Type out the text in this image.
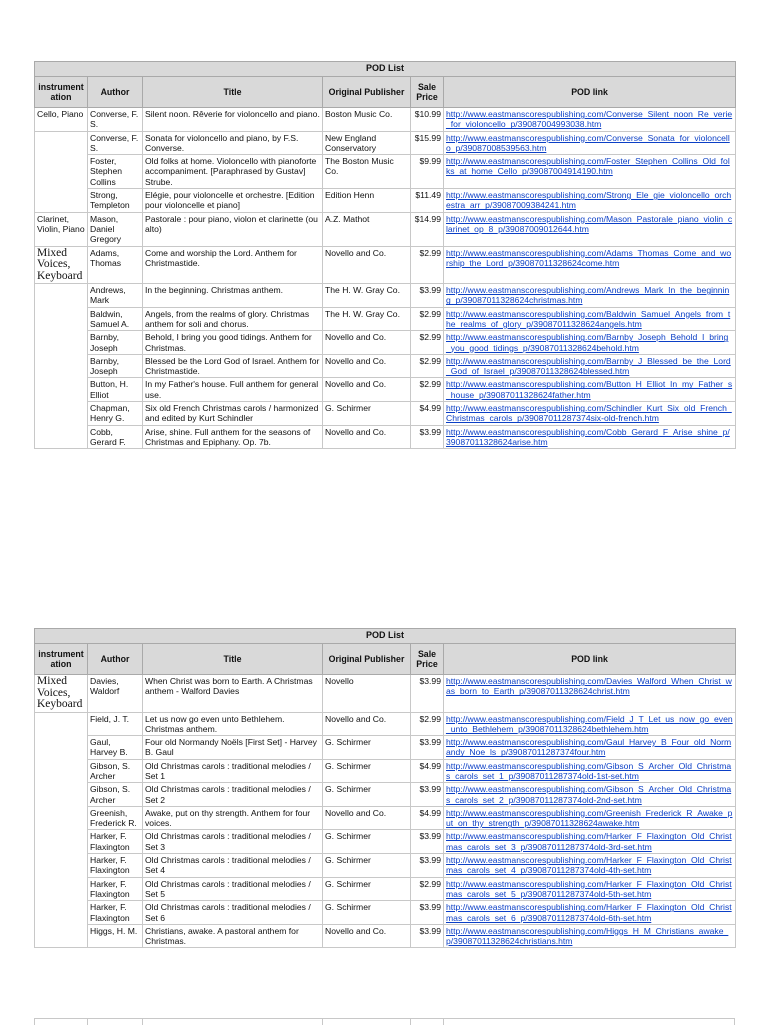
POD List					
instrument ation	Author	Title	Original Publisher	Sale Price	POD link
Cello, Piano	Converse, F. S.	Silent noon. Rêverie for violoncello and piano.	Boston Music Co.	$10.99	http://www.eastmanscorespublishing.com/Converse_Silent_noon_Re_verie_for_violoncello_p/39087004993038.htm
	Converse, F. S.	Sonata for violoncello and piano, by F.S. Converse.	New England Conservatory	$15.99	http://www.eastmanscorespublishing.com/Converse_Sonata_for_violoncello_p/39087008539563.htm
	Foster, Stephen Collins	Old folks at home. Violoncello with pianoforte accompaniment. [Paraphrased by Gustav] Strube.	The Boston Music Co.	$9.99	http://www.eastmanscorespublishing.com/Foster_Stephen_Collins_Old_folks_at_home_Cello_p/39087004914190.htm
	Strong, Templeton	Elégie, pour violoncelle et orchestre. [Edition pour violoncelle et piano]	Edition Henn	$11.49	http://www.eastmanscorespublishing.com/Strong_Ele_gie_violoncello_orchestra_arr_p/39087009384241.htm
Clarinet, Violin, Piano	Mason, Daniel Gregory	Pastorale : pour piano, violon et clarinette (ou alto)	A.Z. Mathot	$14.99	http://www.eastmanscorespublishing.com/Mason_Pastorale_piano_violin_clarinet_op_8_p/39087009012644.htm
Mixed Voices, Keyboard	Adams, Thomas	Come and worship the Lord. Anthem for Christmastide.	Novello and Co.	$2.99	http://www.eastmanscorespublishing.com/Adams_Thomas_Come_and_worship_the_Lord_p/39087011328624come.htm
	Andrews, Mark	In the beginning. Christmas anthem.	The H. W. Gray Co.	$3.99	http://www.eastmanscorespublishing.com/Andrews_Mark_In_the_beginning_p/39087011328624christmas.htm
	Baldwin, Samuel A.	Angels, from the realms of glory. Christmas anthem for soli and chorus.	The H. W. Gray Co.	$2.99	http://www.eastmanscorespublishing.com/Baldwin_Samuel_Angels_from_the_realms_of_glory_p/39087011328624angels.htm
	Barnby, Joseph	Behold, I bring you good tidings. Anthem for Christmas.	Novello and Co.	$2.99	http://www.eastmanscorespublishing.com/Barnby_Joseph_Behold_I_bring_you_good_tidings_p/39087011328624behold.htm
	Barnby, Joseph	Blessed be the Lord God of Israel. Anthem for Christmastide.	Novello and Co.	$2.99	http://www.eastmanscorespublishing.com/Barnby_J_Blessed_be_the_Lord_God_of_Israel_p/39087011328624blessed.htm
	Button, H. Elliot	In my Father's house. Full anthem for general use.	Novello and Co.	$2.99	http://www.eastmanscorespublishing.com/Button_H_Elliot_In_my_Father_s_house_p/39087011328624father.htm
	Chapman, Henry G.	Six old French Christmas carols / harmonized and edited by Kurt Schindler	G. Schirmer	$4.99	http://www.eastmanscorespublishing.com/Schindler_Kurt_Six_old_French_Christmas_carols_p/39087011287374six-old-french.htm
	Cobb, Gerard F.	Arise, shine. Full anthem for the seasons of Christmas and Epiphany. Op. 7b.	Novello and Co.	$3.99	http://www.eastmanscorespublishing.com/Cobb_Gerard_F_Arise_shine_p/39087011328624arise.htm
POD List					
instrument ation	Author	Title	Original Publisher	Sale Price	POD link
Mixed Voices, Keyboard	Davies, Waldorf	When Christ was born to Earth. A Christmas anthem - Walford Davies	Novello	$3.99	http://www.eastmanscorespublishing.com/Davies_Walford_When_Christ_was_born_to_Earth_p/39087011328624christ.htm
	Field, J. T.	Let us now go even unto Bethlehem. Christmas anthem.	Novello and Co.	$2.99	http://www.eastmanscorespublishing.com/Field_J_T_Let_us_now_go_even_unto_Bethlehem_p/39087011328624bethlehem.htm
	Gaul, Harvey B.	Four old Normandy Noëls [First Set] - Harvey B. Gaul	G. Schirmer	$3.99	http://www.eastmanscorespublishing.com/Gaul_Harvey_B_Four_old_Normandy_Noe_ls_p/39087011287374four.htm
	Gibson, S. Archer	Old Christmas carols : traditional melodies / Set 1	G. Schirmer	$4.99	http://www.eastmanscorespublishing.com/Gibson_S_Archer_Old_Christmas_carols_set_1_p/39087011287374old-1st-set.htm
	Gibson, S. Archer	Old Christmas carols : traditional melodies / Set 2	G. Schirmer	$3.99	http://www.eastmanscorespublishing.com/Gibson_S_Archer_Old_Christmas_carols_set_2_p/39087011287374old-2nd-set.htm
	Greenish, Frederick R.	Awake, put on thy strength. Anthem for four voices.	Novello and Co.	$4.99	http://www.eastmanscorespublishing.com/Greenish_Frederick_R_Awake_put_on_thy_strength_p/39087011328624awake.htm
	Harker, F. Flaxington	Old Christmas carols : traditional melodies / Set 3	G. Schirmer	$3.99	http://www.eastmanscorespublishing.com/Harker_F_Flaxington_Old_Christmas_carols_set_3_p/39087011287374old-3rd-set.htm
	Harker, F. Flaxington	Old Christmas carols : traditional melodies / Set 4	G. Schirmer	$3.99	http://www.eastmanscorespublishing.com/Harker_F_Flaxington_Old_Christmas_carols_set_4_p/39087011287374old-4th-set.htm
	Harker, F. Flaxington	Old Christmas carols : traditional melodies / Set 5	G. Schirmer	$2.99	http://www.eastmanscorespublishing.com/Harker_F_Flaxington_Old_Christmas_carols_set_5_p/39087011287374old-5th-set.htm
	Harker, F. Flaxington	Old Christmas carols : traditional melodies / Set 6	G. Schirmer	$3.99	http://www.eastmanscorespublishing.com/Harker_F_Flaxington_Old_Christmas_carols_set_6_p/39087011287374old-6th-set.htm
	Higgs, H. M.	Christians, awake. A pastoral anthem for Christmas.	Novello and Co.	$3.99	http://www.eastmanscorespublishing.com/Higgs_H_M_Christians_awake_p/39087011328624christians.htm
